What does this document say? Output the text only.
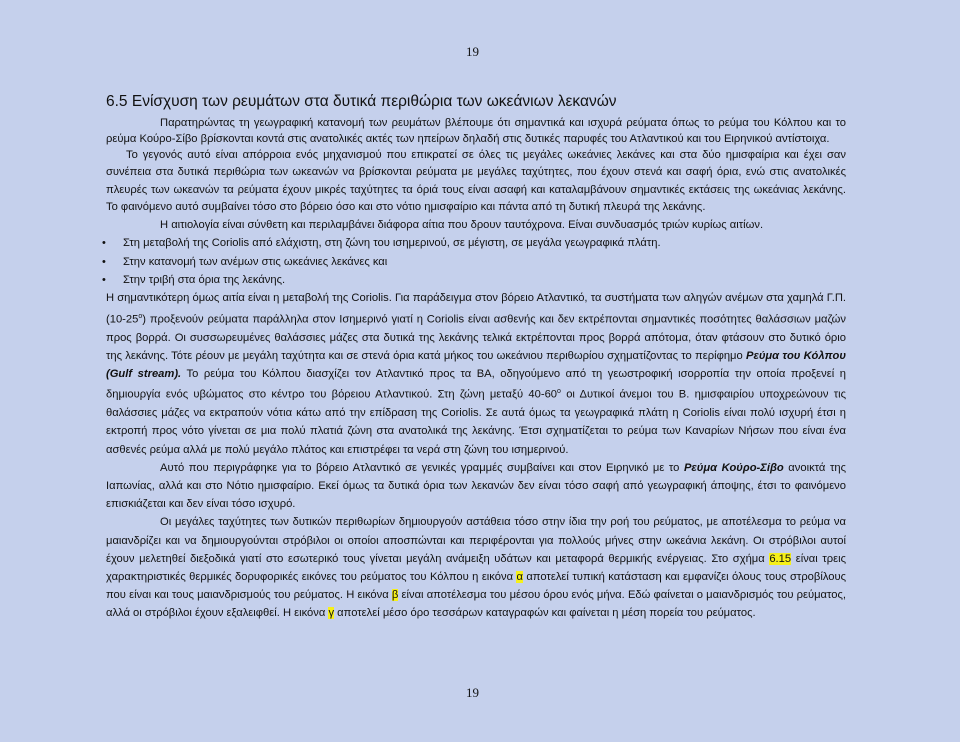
19
6.5 Ενίσχυση των ρευμάτων στα δυτικά περιθώρια των ωκεάνιων λεκανών

Παρατηρώντας τη γεωγραφική κατανομή των ρευμάτων βλέπουμε ότι σημαντικά και ισχυρά ρεύματα όπως το ρεύμα του Κόλπου και το ρεύμα Κούρο-Σίβο βρίσκονται κοντά στις ανατολικές ακτές των ηπείρων δηλαδή στις δυτικές παρυφές του Ατλαντικού και του Ειρηνικού αντίστοιχα.

Το γεγονός αυτό είναι απόρροια ενός μηχανισμού που επικρατεί σε όλες τις μεγάλες ωκεάνιες λεκάνες και στα δύο ημισφαίρια και έχει σαν συνέπεια στα δυτικά περιθώρια των ωκεανών να βρίσκονται ρεύματα με μεγάλες ταχύτητες, που έχουν στενά και σαφή όρια, ενώ στις ανατολικές πλευρές των ωκεανών τα ρεύματα έχουν μικρές ταχύτητες τα όριά τους είναι ασαφή και καταλαμβάνουν σημαντικές εκτάσεις της ωκεάνιας λεκάνης. Το φαινόμενο αυτό συμβαίνει τόσο στο βόρειο όσο και στο νότιο ημισφαίριο και πάντα από τη δυτική πλευρά της λεκάνης.

Η αιτιολογία είναι σύνθετη και περιλαμβάνει διάφορα αίτια που δρουν ταυτόχρονα. Είναι συνδυασμός τριών κυρίως αιτίων.

• Στη μεταβολή της Coriolis από ελάχιστη, στη ζώνη του ισημερινού, σε μέγιστη, σε μεγάλα γεωγραφικά πλάτη.
• Στην κατανομή των ανέμων στις ωκεάνιες λεκάνες και
• Στην τριβή στα όρια της λεκάνης.

Η σημαντικότερη όμως αιτία είναι η μεταβολή της Coriolis. Για παράδειγμα στον βόρειο Ατλαντικό, τα συστήματα των αληγών ανέμων στα χαμηλά Γ.Π. $(10-25^o)$ προξενούν ρεύματα παράλληλα στον Ισημερινό γιατί η Coriolis είναι ασθενής και δεν εκτρέπονται σημαντικές ποσότητες θαλάσσιων μαζών προς βορρά. Οι συσσωρευμένες θαλάσσιες μάζες στα δυτικά της λεκάνης τελικά εκτρέπονται προς βορρά απότομα, όταν φτάσουν στο δυτικό όριο της λεκάνης. Τότε ρέουν με μεγάλη ταχύτητα και σε στενά όρια κατά μήκος του ωκεάνιου περιθωρίου σχηματίζοντας το περίφημο Ρεύμα του Κόλπου (Gulf stream). Το ρεύμα του Κόλπου διασχίζει τον Ατλαντικό προς τα ΒΑ, οδηγούμενο από τη γεωστροφική ισορροπία την οποία προξενεί η δημιουργία ενός υβώματος στο κέντρο του βόρειου Ατλαντικού. Στη ζώνη μεταξύ $40-60^o$ οι Δυτικοί άνεμοι του Β. ημισφαιρίου υποχρεώνουν τις θαλάσσιες μάζες να εκτραπούν νότια κάτω από την επίδραση της Coriolis. Σε αυτά όμως τα γεωγραφικά πλάτη η Coriolis είναι πολύ ισχυρή έτσι η εκτροπή προς νότο γίνεται σε μια πολύ πλατιά ζώνη στα ανατολικά της λεκάνης. Έτσι σχηματίζεται το ρεύμα των Καναρίων Νήσων που είναι ένα ασθενές ρεύμα αλλά με πολύ μεγάλο πλάτος και επιστρέφει τα νερά στη ζώνη του ισημερινού.

Αυτό που περιγράφηκε για το βόρειο Ατλαντικό σε γενικές γραμμές συμβαίνει και στον Ειρηνικό με το Ρεύμα Κούρο-Σίβο ανοικτά της Ιαπωνίας, αλλά και στο Νότιο ημισφαίριο. Εκεί όμως τα δυτικά όρια των λεκανών δεν είναι τόσο σαφή από γεωγραφική άποψης, έτσι το φαινόμενο επισκιάζεται και δεν είναι τόσο ισχυρό.

Οι μεγάλες ταχύτητες των δυτικών περιθωρίων δημιουργούν αστάθεια τόσο στην ίδια την ροή του ρεύματος, με αποτέλεσμα το ρεύμα να μαιανδρίζει και να δημιουργούνται στρόβιλοι οι οποίοι αποσπώνται και περιφέρονται για πολλούς μήνες στην ωκεάνια λεκάνη. Οι στρόβιλοι αυτοί έχουν μελετηθεί διεξοδικά γιατί στο εσωτερικό τους γίνεται μεγάλη ανάμειξη υδάτων και μεταφορά θερμικής ενέργειας. Στο σχήμα 6.15 είναι τρεις χαρακτηριστικές θερμικές δορυφορικές εικόνες του ρεύματος του Κόλπου η εικόνα α αποτελεί τυπική κατάσταση και εμφανίζει όλους τους στροβίλους που είναι και τους μαιανδρισμούς του ρεύματος. Η εικόνα β είναι αποτέλεσμα του μέσου όρου ενός μήνα. Εδώ φαίνεται ο μαιανδρισμός του ρεύματος, αλλά οι στρόβιλοι έχουν εξαλειφθεί. Η εικόνα γ αποτελεί μέσο όρο τεσσάρων καταγραφών και φαίνεται η μέση πορεία του ρεύματος.

19
